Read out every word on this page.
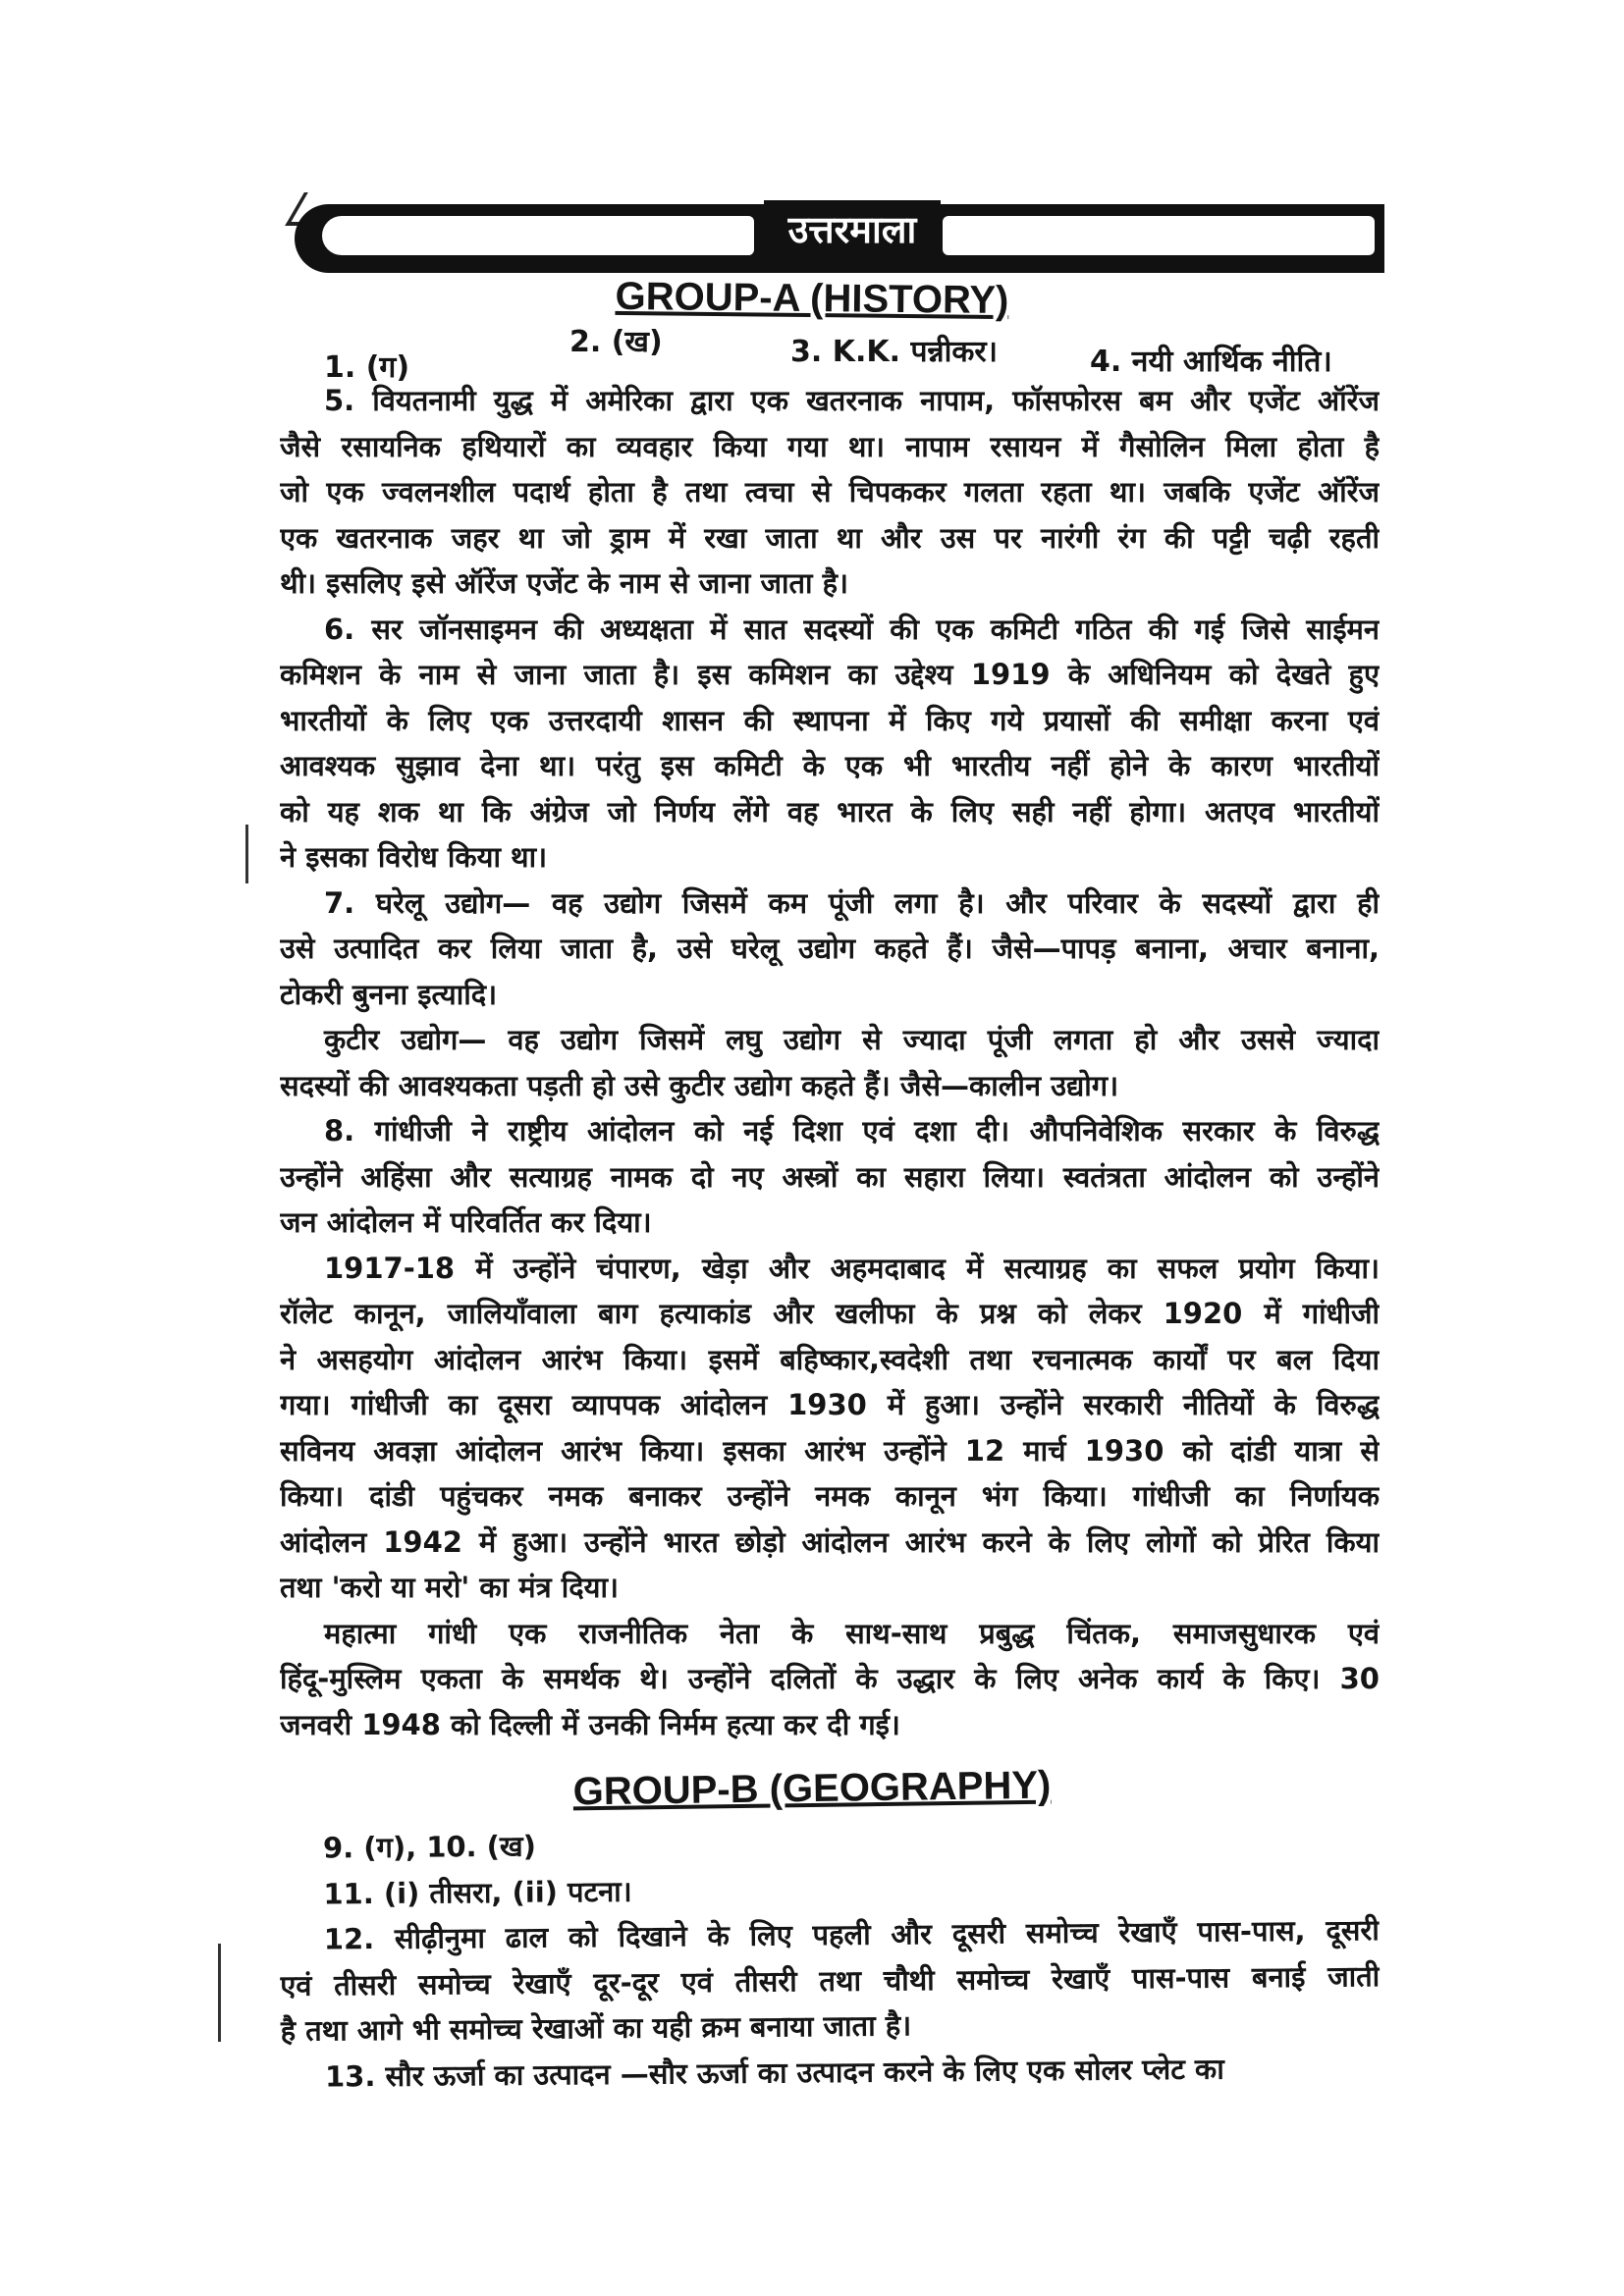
उत्तरमाला
GROUP-A (HISTORY)
1. (ग)
2. (ख)	3. K.K. पन्नीकर।	4. नयी आर्थिक नीति।
5. वियतनामी युद्ध में अमेरिका द्वारा एक खतरनाक नापाम, फॉसफोरस बम और एजेंट ऑरेंज
जैसे रसायनिक हथियारों का व्यवहार किया गया था। नापाम रसायन में गैसोलिन मिला होता है
जो एक ज्वलनशील पदार्थ होता है तथा त्वचा से चिपककर गलता रहता था। जबकि एजेंट ऑरेंज
एक खतरनाक जहर था जो ड्राम में रखा जाता था और उस पर नारंगी रंग की पट्टी चढ़ी रहती
थी। इसलिए इसे ऑरेंज एजेंट के नाम से जाना जाता है।
6. सर जॉनसाइमन की अध्यक्षता में सात सदस्यों की एक कमिटी गठित की गई जिसे साईमन
कमिशन के नाम से जाना जाता है। इस कमिशन का उद्देश्य 1919 के अधिनियम को देखते हुए
भारतीयों के लिए एक उत्तरदायी शासन की स्थापना में किए गये प्रयासों की समीक्षा करना एवं
आवश्यक सुझाव देना था। परंतु इस कमिटी के एक भी भारतीय नहीं होने के कारण भारतीयों
को यह शक था कि अंग्रेज जो निर्णय लेंगे वह भारत के लिए सही नहीं होगा। अतएव भारतीयों
ने इसका विरोध किया था।
7. घरेलू उद्योग— वह उद्योग जिसमें कम पूंजी लगा है। और परिवार के सदस्यों द्वारा ही
उसे उत्पादित कर लिया जाता है, उसे घरेलू उद्योग कहते हैं। जैसे—पापड़ बनाना, अचार बनाना,
टोकरी बुनना इत्यादि।
कुटीर उद्योग— वह उद्योग जिसमें लघु उद्योग से ज्यादा पूंजी लगता हो और उससे ज्यादा
सदस्यों की आवश्यकता पड़ती हो उसे कुटीर उद्योग कहते हैं। जैसे—कालीन उद्योग।
8. गांधीजी ने राष्ट्रीय आंदोलन को नई दिशा एवं दशा दी। औपनिवेशिक सरकार के विरुद्ध
उन्होंने अहिंसा और सत्याग्रह नामक दो नए अस्त्रों का सहारा लिया। स्वतंत्रता आंदोलन को उन्होंने
जन आंदोलन में परिवर्तित कर दिया।
1917-18 में उन्होंने चंपारण, खेड़ा और अहमदाबाद में सत्याग्रह का सफल प्रयोग किया।
रॉलेट कानून, जालियाँवाला बाग हत्याकांड और खलीफा के प्रश्न को लेकर 1920 में गांधीजी
ने असहयोग आंदोलन आरंभ किया। इसमें बहिष्कार,स्वदेशी तथा रचनात्मक कार्यों पर बल दिया
गया। गांधीजी का दूसरा व्यापपक आंदोलन 1930 में हुआ। उन्होंने सरकारी नीतियों के विरुद्ध
सविनय अवज्ञा आंदोलन आरंभ किया। इसका आरंभ उन्होंने 12 मार्च 1930 को दांडी यात्रा से
किया। दांडी पहुंचकर नमक बनाकर उन्होंने नमक कानून भंग किया। गांधीजी का निर्णायक
आंदोलन 1942 में हुआ। उन्होंने भारत छोड़ो आंदोलन आरंभ करने के लिए लोगों को प्रेरित किया
तथा 'करो या मरो' का मंत्र दिया।
महात्मा गांधी एक राजनीतिक नेता के साथ-साथ प्रबुद्ध चिंतक, समाजसुधारक एवं
हिंदू-मुस्लिम एकता के समर्थक थे। उन्होंने दलितों के उद्धार के लिए अनेक कार्य के किए। 30
जनवरी 1948 को दिल्ली में उनकी निर्मम हत्या कर दी गई।
GROUP-B (GEOGRAPHY)
9. (ग), 10. (ख)
11. (i) तीसरा, (ii) पटना।
12. सीढ़ीनुमा ढाल को दिखाने के लिए पहली और दूसरी समोच्च रेखाएँ पास-पास, दूसरी
एवं तीसरी समोच्च रेखाएँ दूर-दूर एवं तीसरी तथा चौथी समोच्च रेखाएँ पास-पास बनाई जाती
है तथा आगे भी समोच्च रेखाओं का यही क्रम बनाया जाता है।
13. सौर ऊर्जा का उत्पादन —सौर ऊर्जा का उत्पादन करने के लिए एक सोलर प्लेट का
